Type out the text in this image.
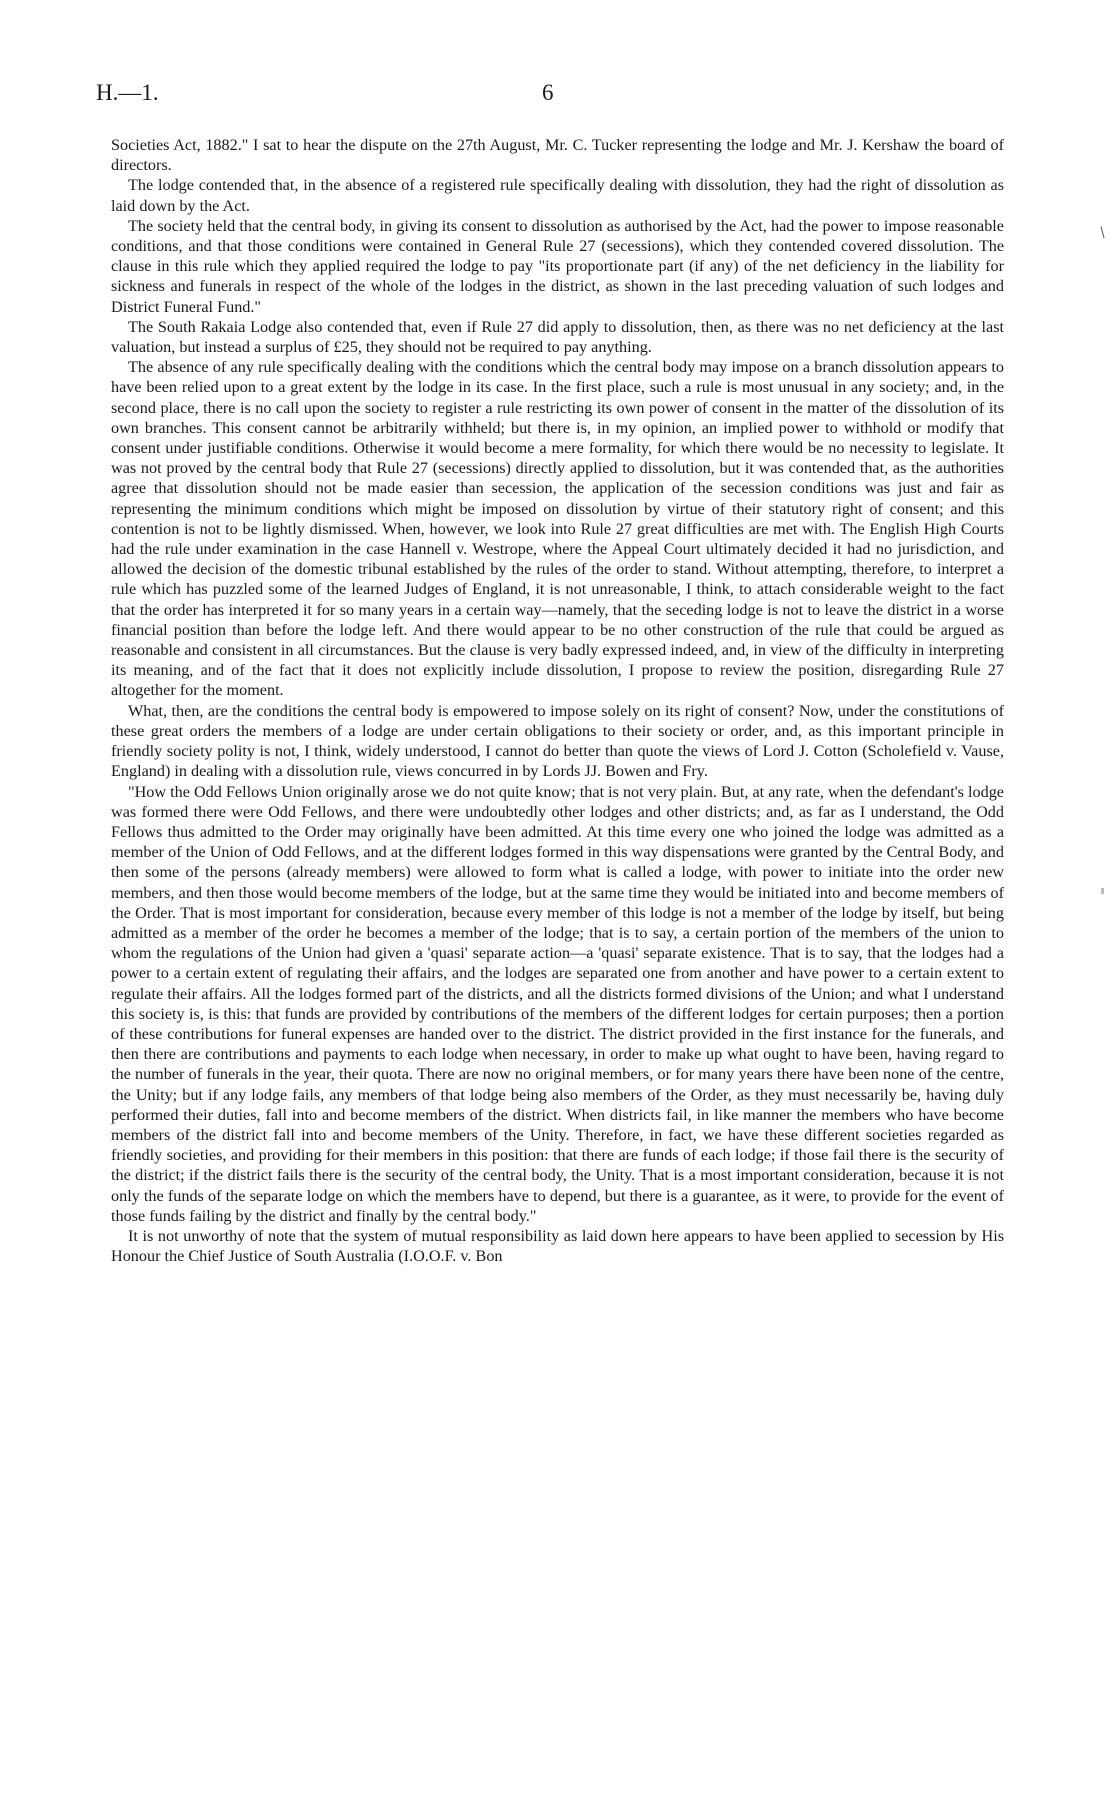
H.—1.	6

Societies Act, 1882." I sat to hear the dispute on the 27th August, Mr. C. Tucker representing the lodge and Mr. J. Kershaw the board of directors.

The lodge contended that, in the absence of a registered rule specifically dealing with dissolution, they had the right of dissolution as laid down by the Act.

The society held that the central body, in giving its consent to dissolution as authorised by the Act, had the power to impose reasonable conditions, and that those conditions were contained in General Rule 27 (secessions), which they contended covered dissolution. The clause in this rule which they applied required the lodge to pay "its proportionate part (if any) of the net deficiency in the liability for sickness and funerals in respect of the whole of the lodges in the district, as shown in the last preceding valuation of such lodges and District Funeral Fund."

The South Rakaia Lodge also contended that, even if Rule 27 did apply to dissolution, then, as there was no net deficiency at the last valuation, but instead a surplus of £25, they should not be required to pay anything.

The absence of any rule specifically dealing with the conditions which the central body may impose on a branch dissolution appears to have been relied upon to a great extent by the lodge in its case. In the first place, such a rule is most unusual in any society; and, in the second place, there is no call upon the society to register a rule restricting its own power of consent in the matter of the dissolution of its own branches. This consent cannot be arbitrarily withheld; but there is, in my opinion, an implied power to withhold or modify that consent under justifiable conditions. Otherwise it would become a mere formality, for which there would be no necessity to legislate. It was not proved by the central body that Rule 27 (secessions) directly applied to dissolution, but it was contended that, as the authorities agree that dissolution should not be made easier than secession, the application of the secession conditions was just and fair as representing the minimum conditions which might be imposed on dissolution by virtue of their statutory right of consent; and this contention is not to be lightly dismissed. When, however, we look into Rule 27 great difficulties are met with. The English High Courts had the rule under examination in the case Hannell v. Westrope, where the Appeal Court ultimately decided it had no jurisdiction, and allowed the decision of the domestic tribunal established by the rules of the order to stand. Without attempting, therefore, to interpret a rule which has puzzled some of the learned Judges of England, it is not unreasonable, I think, to attach considerable weight to the fact that the order has interpreted it for so many years in a certain way—namely, that the seceding lodge is not to leave the district in a worse financial position than before the lodge left. And there would appear to be no other construction of the rule that could be argued as reasonable and consistent in all circumstances. But the clause is very badly expressed indeed, and, in view of the difficulty in interpreting its meaning, and of the fact that it does not explicitly include dissolution, I propose to review the position, disregarding Rule 27 altogether for the moment.

What, then, are the conditions the central body is empowered to impose solely on its right of consent? Now, under the constitutions of these great orders the members of a lodge are under certain obligations to their society or order, and, as this important principle in friendly society polity is not, I think, widely understood, I cannot do better than quote the views of Lord J. Cotton (Scholefield v. Vause, England) in dealing with a dissolution rule, views concurred in by Lords JJ. Bowen and Fry.

"How the Odd Fellows Union originally arose we do not quite know; that is not very plain. But, at any rate, when the defendant's lodge was formed there were Odd Fellows, and there were undoubtedly other lodges and other districts; and, as far as I understand, the Odd Fellows thus admitted to the Order may originally have been admitted. At this time every one who joined the lodge was admitted as a member of the Union of Odd Fellows, and at the different lodges formed in this way dispensations were granted by the Central Body, and then some of the persons (already members) were allowed to form what is called a lodge, with power to initiate into the order new members, and then those would become members of the lodge, but at the same time they would be initiated into and become members of the Order. That is most important for consideration, because every member of this lodge is not a member of the lodge by itself, but being admitted as a member of the order he becomes a member of the lodge; that is to say, a certain portion of the members of the union to whom the regulations of the Union had given a 'quasi' separate action—a 'quasi' separate existence. That is to say, that the lodges had a power to a certain extent of regulating their affairs, and the lodges are separated one from another and have power to a certain extent to regulate their affairs. All the lodges formed part of the districts, and all the districts formed divisions of the Union; and what I understand this society is, is this: that funds are provided by contributions of the members of the different lodges for certain purposes; then a portion of these contributions for funeral expenses are handed over to the district. The district provided in the first instance for the funerals, and then there are contributions and payments to each lodge when necessary, in order to make up what ought to have been, having regard to the number of funerals in the year, their quota. There are now no original members, or for many years there have been none of the centre, the Unity; but if any lodge fails, any members of that lodge being also members of the Order, as they must necessarily be, having duly performed their duties, fall into and become members of the district. When districts fail, in like manner the members who have become members of the district fall into and become members of the Unity. Therefore, in fact, we have these different societies regarded as friendly societies, and providing for their members in this position: that there are funds of each lodge; if those fail there is the security of the district; if the district fails there is the security of the central body, the Unity. That is a most important consideration, because it is not only the funds of the separate lodge on which the members have to depend, but there is a guarantee, as it were, to provide for the event of those funds failing by the district and finally by the central body."

It is not unworthy of note that the system of mutual responsibility as laid down here appears to have been applied to secession by His Honour the Chief Justice of South Australia (I.O.O.F. v. Bon
